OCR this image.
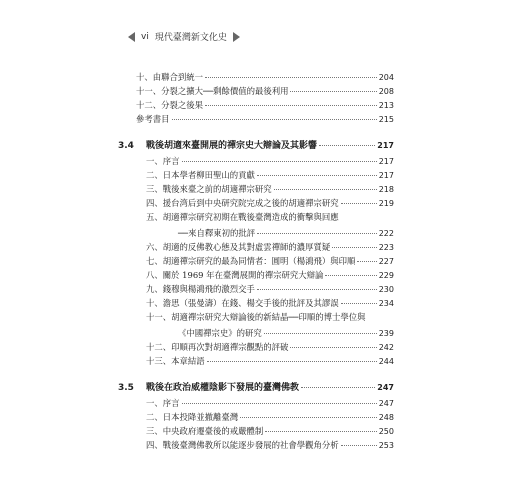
vi 現代臺灣新文化史
十、由聯合到統一	204
十一、分裂之擴大──剩餘價值的最後利用	208
十二、分裂之後果	213
參考書目	215
3.4	戰後胡適來臺開展的禪宗史大辯論及其影響	217
一、序言	217
二、日本學者柳田聖山的貢獻	217
三、戰後來臺之前的胡適禪宗研究	218
四、援台湾后到中央研究院完成之後的胡適禪宗研究	219
五、胡適禪宗研究初期在戰後臺灣造成的衝擊與回應
──來自釋東初的批評	222
六、胡適的反佛教心態及其對虛雲禪師的濃厚質疑	223
七、胡適禪宗研究的最為同情者：圓明（楊鴻飛）與印順	227
八、關於 1969 年在臺灣展開的禪宗研究大辯論	229
九、錢穆與楊鴻飛的激烈交手	230
十、澹思（張曼濤）在錢、楊交手後的批評及其謬誤	234
十一、胡適禪宗研究大辯論後的新結晶──印順的博士學位與
《中國禪宗史》的研究	239
十二、印順再次對胡適禪宗觀點的評破	242
十三、本章結語	244
3.5	戰後在政治威權陰影下發展的臺灣佛教	247
一、序言	247
二、日本投降並撤離臺灣	248
三、中央政府遷臺後的戒嚴體制	250
四、戰後臺灣佛教所以能逐步發展的社會學觀角分析	253
